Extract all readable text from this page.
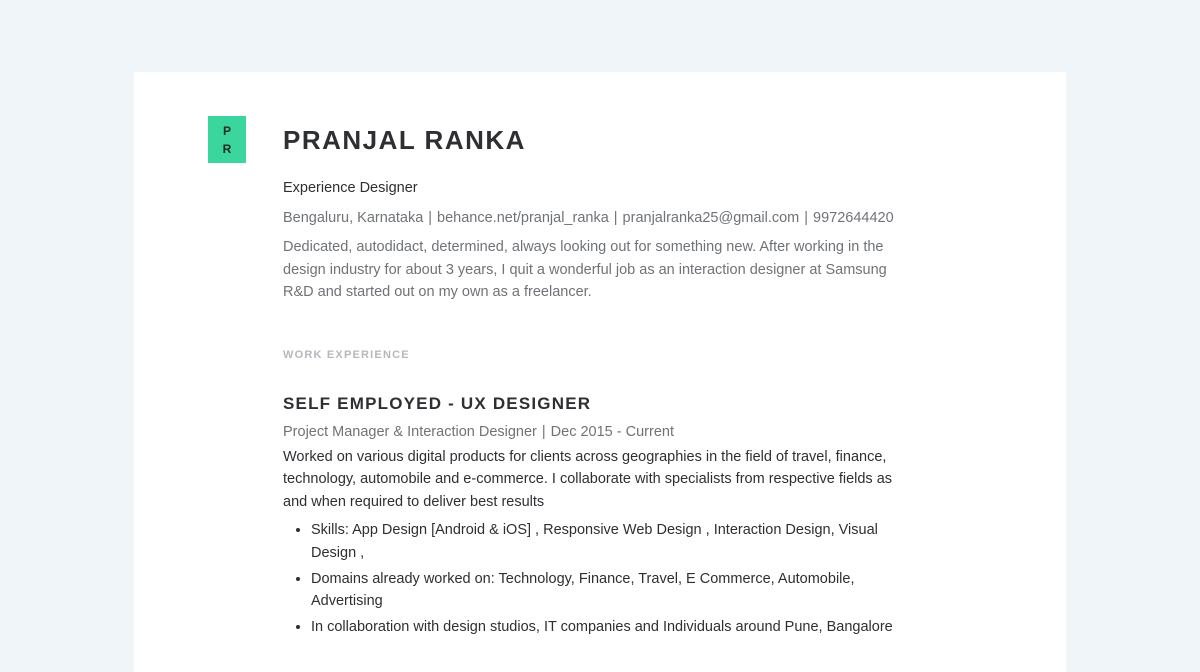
P
R PRANJAL RANKA
Experience Designer
Bengaluru, Karnataka | behance.net/pranjal_ranka | pranjalranka25@gmail.com | 9972644420
Dedicated, autodidact, determined, always looking out for something new. After working in the design industry for about 3 years, I quit a wonderful job as an interaction designer at Samsung R&D and started out on my own as a freelancer.
WORK EXPERIENCE
SELF EMPLOYED - UX DESIGNER
Project Manager & Interaction Designer | Dec 2015 - Current
Worked on various digital products for clients across geographies in the field of travel, finance, technology, automobile and e-commerce. I collaborate with specialists from respective fields as and when required to deliver best results
• Skills: App Design [Android & iOS] , Responsive Web Design , Interaction Design, Visual Design ,
• Domains already worked on: Technology, Finance, Travel, E Commerce, Automobile, Advertising
• In collaboration with design studios, IT companies and Individuals around Pune, Bangalore
